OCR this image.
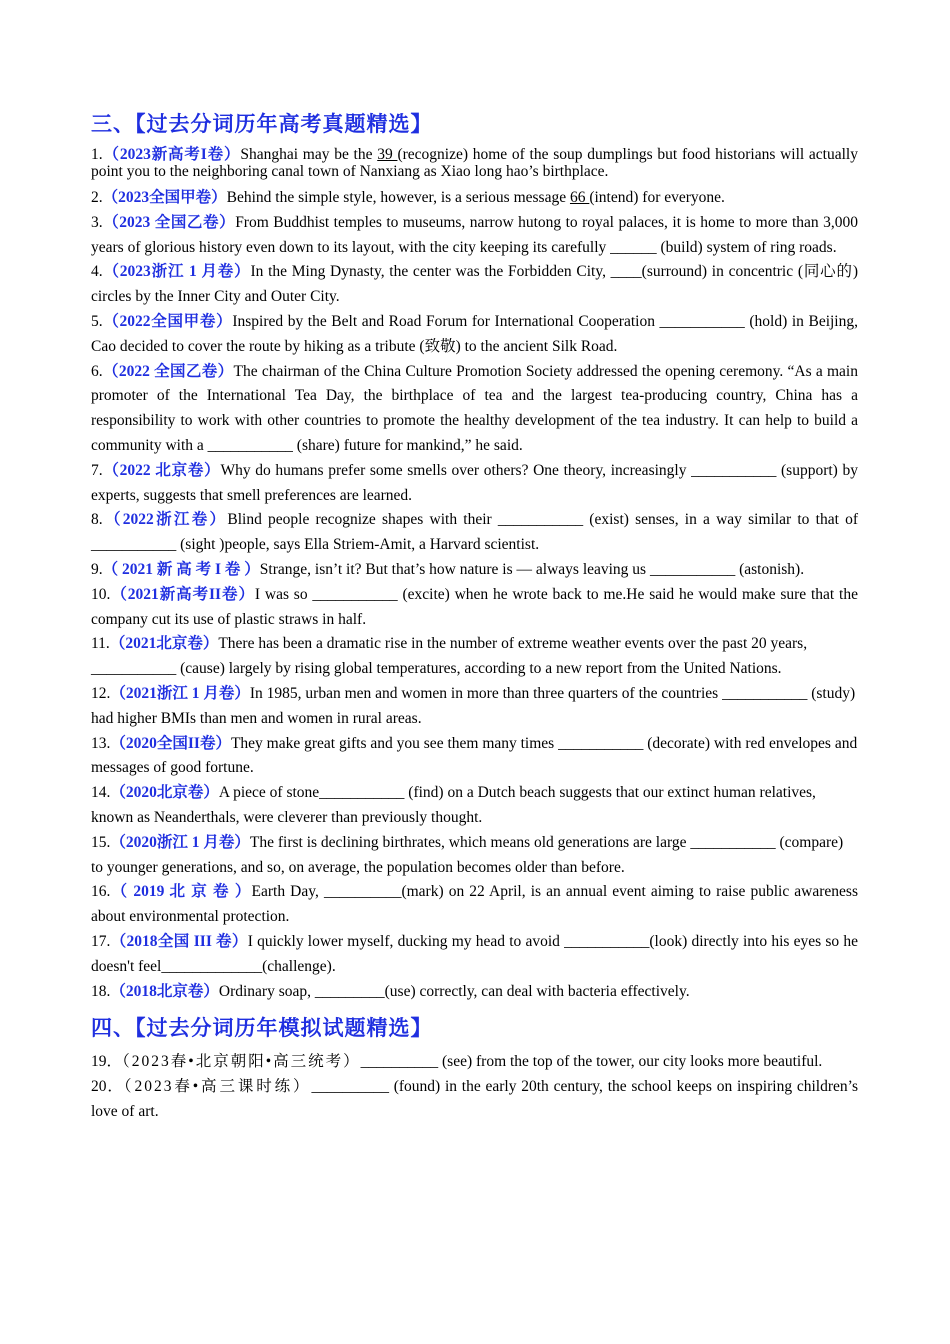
三、【过去分词历年高考真题精选】

1.（2023新高考I卷）Shanghai may be the 39 (recognize) home of the soup dumplings but food historians will actually point you to the neighboring canal town of Nanxiang as Xiao long hao’s birthplace.

2.（2023全国甲卷）Behind the simple style, however, is a serious message 66 (intend) for everyone.

3.（2023 全国乙卷）From Buddhist temples to museums, narrow hutong to royal palaces, it is home to more than 3,000 years of glorious history even down to its layout, with the city keeping its carefully ______ (build) system of ring roads.

4.（2023浙江 1 月卷）In the Ming Dynasty, the center was the Forbidden City, ____(surround) in concentric (同心的) circles by the Inner City and Outer City.

5.（2022全国甲卷）Inspired by the Belt and Road Forum for International Cooperation ___________ (hold) in Beijing, Cao decided to cover the route by hiking as a tribute (致敬) to the ancient Silk Road.

6.（2022 全国乙卷）The chairman of the China Culture Promotion Society addressed the opening ceremony. “As a main promoter of the International Tea Day, the birthplace of tea and the largest tea-producing country, China has a responsibility to work with other countries to promote the healthy development of the tea industry. It can help to build a community with a ___________ (share) future for mankind,” he said.

7.（2022 北京卷）Why do humans prefer some smells over others? One theory, increasingly ___________ (support) by experts, suggests that smell preferences are learned.

8.（2022浙江卷）Blind people recognize shapes with their ___________ (exist) senses, in a way similar to that of ___________ (sight )people, says Ella Striem-Amit, a Harvard scientist.

9.（ 2021 新 高 考 I 卷 ）Strange, isn’t it? But that’s how nature is — always leaving us ___________ (astonish).

10.（2021新高考II卷）I was so ___________ (excite) when he wrote back to me.He said he would make sure that the company cut its use of plastic straws in half.

11.（2021北京卷）There has been a dramatic rise in the number of extreme weather events over the past 20 years, ___________ (cause) largely by rising global temperatures, according to a new report from the United Nations.

12.（2021浙江 1 月卷）In 1985, urban men and women in more than three quarters of the countries ___________ (study) had higher BMIs than men and women in rural areas.

13.（2020全国II卷）They make great gifts and you see them many times ___________ (decorate) with red envelopes and messages of good fortune.

14.（2020北京卷）A piece of stone___________ (find) on a Dutch beach suggests that our extinct human relatives, known as Neanderthals, were cleverer than previously thought.

15.（2020浙江 1 月卷）The first is declining birthrates, which means old generations are large ___________ (compare) to younger generations, and so, on average, the population becomes older than before.

16.（ 2019 北 京 卷 ）Earth Day, __________(mark) on 22 April, is an annual event aiming to raise public awareness about environmental protection.

17.（2018全国 III 卷）I quickly lower myself, ducking my head to avoid ___________(look) directly into his eyes so he doesn't feel_____________(challenge).

18.（2018北京卷）Ordinary soap, _________(use) correctly, can deal with bacteria effectively.

四、【过去分词历年模拟试题精选】

19．（2023春•北京朝阳•高三统考）__________ (see) from the top of the tower, our city looks more beautiful.

20．（2023春•高三课时练）__________ (found) in the early 20th century, the school keeps on inspiring children’s love of art.
